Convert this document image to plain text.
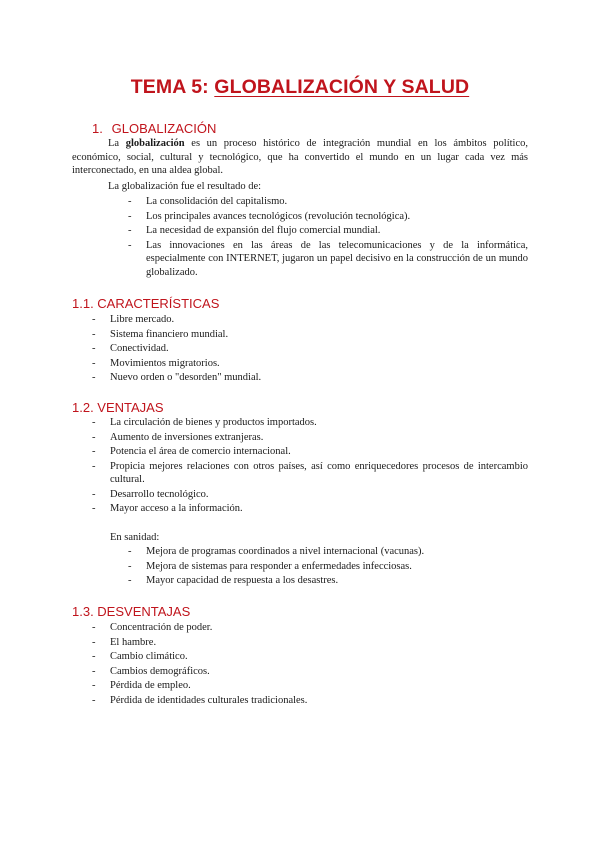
TEMA 5: GLOBALIZACIÓN Y SALUD
1. GLOBALIZACIÓN

La globalización es un proceso histórico de integración mundial en los ámbitos político, económico, social, cultural y tecnológico, que ha convertido el mundo en un lugar cada vez más interconectado, en una aldea global.

La globalización fue el resultado de:

- La consolidación del capitalismo.
- Los principales avances tecnológicos (revolución tecnológica).
- La necesidad de expansión del flujo comercial mundial.
- Las innovaciones en las áreas de las telecomunicaciones y de la informática, especialmente con INTERNET, jugaron un papel decisivo en la construcción de un mundo globalizado.
1.1. CARACTERÍSTICAS
- Libre mercado.
- Sistema financiero mundial.
- Conectividad.
- Movimientos migratorios.
- Nuevo orden o "desorden" mundial.
1.2. VENTAJAS
- La circulación de bienes y productos importados.
- Aumento de inversiones extranjeras.
- Potencia el área de comercio internacional.
- Propicia mejores relaciones con otros países, así como enriquecedores procesos de intercambio cultural.
- Desarrollo tecnológico.
- Mayor acceso a la información.

En sanidad:

- Mejora de programas coordinados a nivel internacional (vacunas).
- Mejora de sistemas para responder a enfermedades infecciosas.
- Mayor capacidad de respuesta a los desastres.
1.3. DESVENTAJAS
- Concentración de poder.
- El hambre.
- Cambio climático.
- Cambios demográficos.
- Pérdida de empleo.
- Pérdida de identidades culturales tradicionales.
